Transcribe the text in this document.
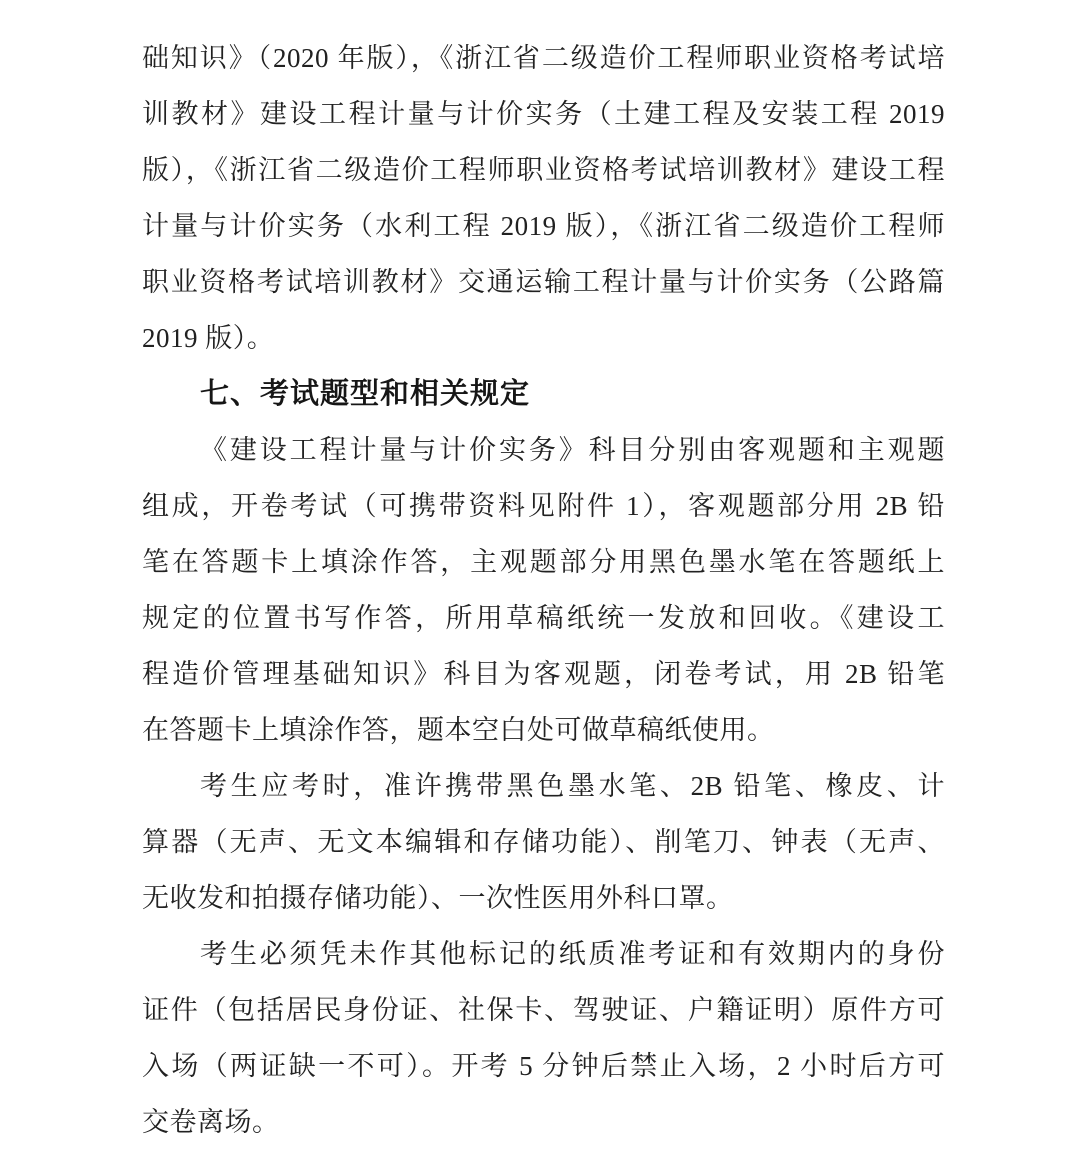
础知识》（2020 年版），《浙江省二级造价工程师职业资格考试培
训教材》建设工程计量与计价实务（土建工程及安装工程 2019
版），《浙江省二级造价工程师职业资格考试培训教材》建设工程
计量与计价实务（水利工程 2019 版），《浙江省二级造价工程师
职业资格考试培训教材》交通运输工程计量与计价实务（公路篇
2019 版）。
七、考试题型和相关规定
《建设工程计量与计价实务》科目分别由客观题和主观题
组成，开卷考试（可携带资料见附件 1），客观题部分用 2B 铅
笔在答题卡上填涂作答，主观题部分用黑色墨水笔在答题纸上
规定的位置书写作答，所用草稿纸统一发放和回收。《建设工
程造价管理基础知识》科目为客观题，闭卷考试，用 2B 铅笔
在答题卡上填涂作答，题本空白处可做草稿纸使用。
考生应考时，准许携带黑色墨水笔、2B 铅笔、橡皮、计
算器（无声、无文本编辑和存储功能）、削笔刀、钟表（无声、
无收发和拍摄存储功能）、一次性医用外科口罩。
考生必须凭未作其他标记的纸质准考证和有效期内的身份
证件（包括居民身份证、社保卡、驾驶证、户籍证明）原件方可
入场（两证缺一不可）。开考 5 分钟后禁止入场，2 小时后方可
交卷离场。
